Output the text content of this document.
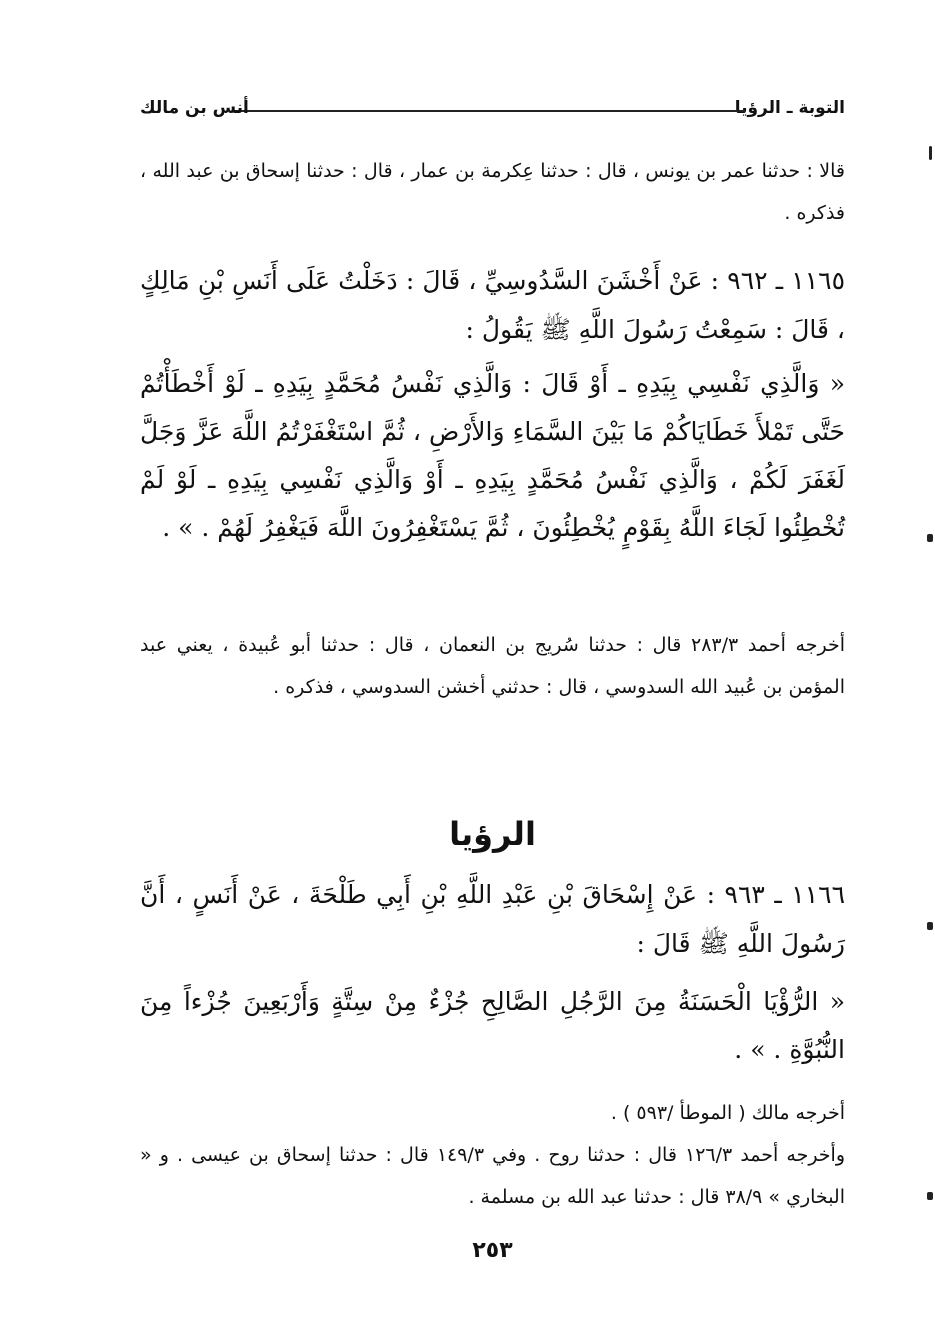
التوبة ـ الرؤيا
أنس بن مالك
قالا : حدثنا عمر بن يونس ، قال : حدثنا عِكرمة بن عمار ، قال : حدثنا إسحاق بن عبد الله ، فذكره .
١١٦٥ ـ ٩٦٢ : عَنْ أَخْشَنَ السَّدُوسِيِّ ، قَالَ : دَخَلْتُ عَلَى أَنَسِ بْنِ مَالِكٍ ، قَالَ : سَمِعْتُ رَسُولَ اللَّهِ ﷺ يَقُولُ :
« وَالَّذِي نَفْسِي بِيَدِهِ ـ أَوْ قَالَ : وَالَّذِي نَفْسُ مُحَمَّدٍ بِيَدِهِ ـ لَوْ أَخْطَأْتُمْ حَتَّى تَمْلأَ خَطَايَاكُمْ مَا بَيْنَ السَّمَاءِ وَالأَرْضِ ، ثُمَّ اسْتَغْفَرْتُمُ اللَّهَ عَزَّ وَجَلَّ لَغَفَرَ لَكُمْ ، وَالَّذِي نَفْسُ مُحَمَّدٍ بِيَدِهِ ـ أَوْ وَالَّذِي نَفْسِي بِيَدِهِ ـ لَوْ لَمْ تُخْطِئُوا لَجَاءَ اللَّهُ بِقَوْمٍ يُخْطِئُونَ ، ثُمَّ يَسْتَغْفِرُونَ اللَّهَ فَيَغْفِرُ لَهُمْ . » .
أخرجه أحمد ٢٨٣/٣ قال : حدثنا سُريج بن النعمان ، قال : حدثنا أبو عُبيدة ، يعني عبد المؤمن بن عُبيد الله السدوسي ، قال : حدثني أخشن السدوسي ، فذكره .
الرؤيا
١١٦٦ ـ ٩٦٣ : عَنْ إِسْحَاقَ بْنِ عَبْدِ اللَّهِ بْنِ أَبِي طَلْحَةَ ، عَنْ أَنَسٍ ، أَنَّ رَسُولَ اللَّهِ ﷺ قَالَ :
« الرُّؤْيَا الْحَسَنَةُ مِنَ الرَّجُلِ الصَّالِحِ جُزْءٌ مِنْ سِتَّةٍ وَأَرْبَعِينَ جُزْءاً مِنَ النُّبُوَّةِ . » .
أخرجه مالك ( الموطأ /٥٩٣ ) .
وأخرجه أحمد ١٢٦/٣ قال : حدثنا روح . وفي ١٤٩/٣ قال : حدثنا إسحاق بن عيسى . و « البخاري » ٣٨/٩ قال : حدثنا عبد الله بن مسلمة .
٢٥٣
